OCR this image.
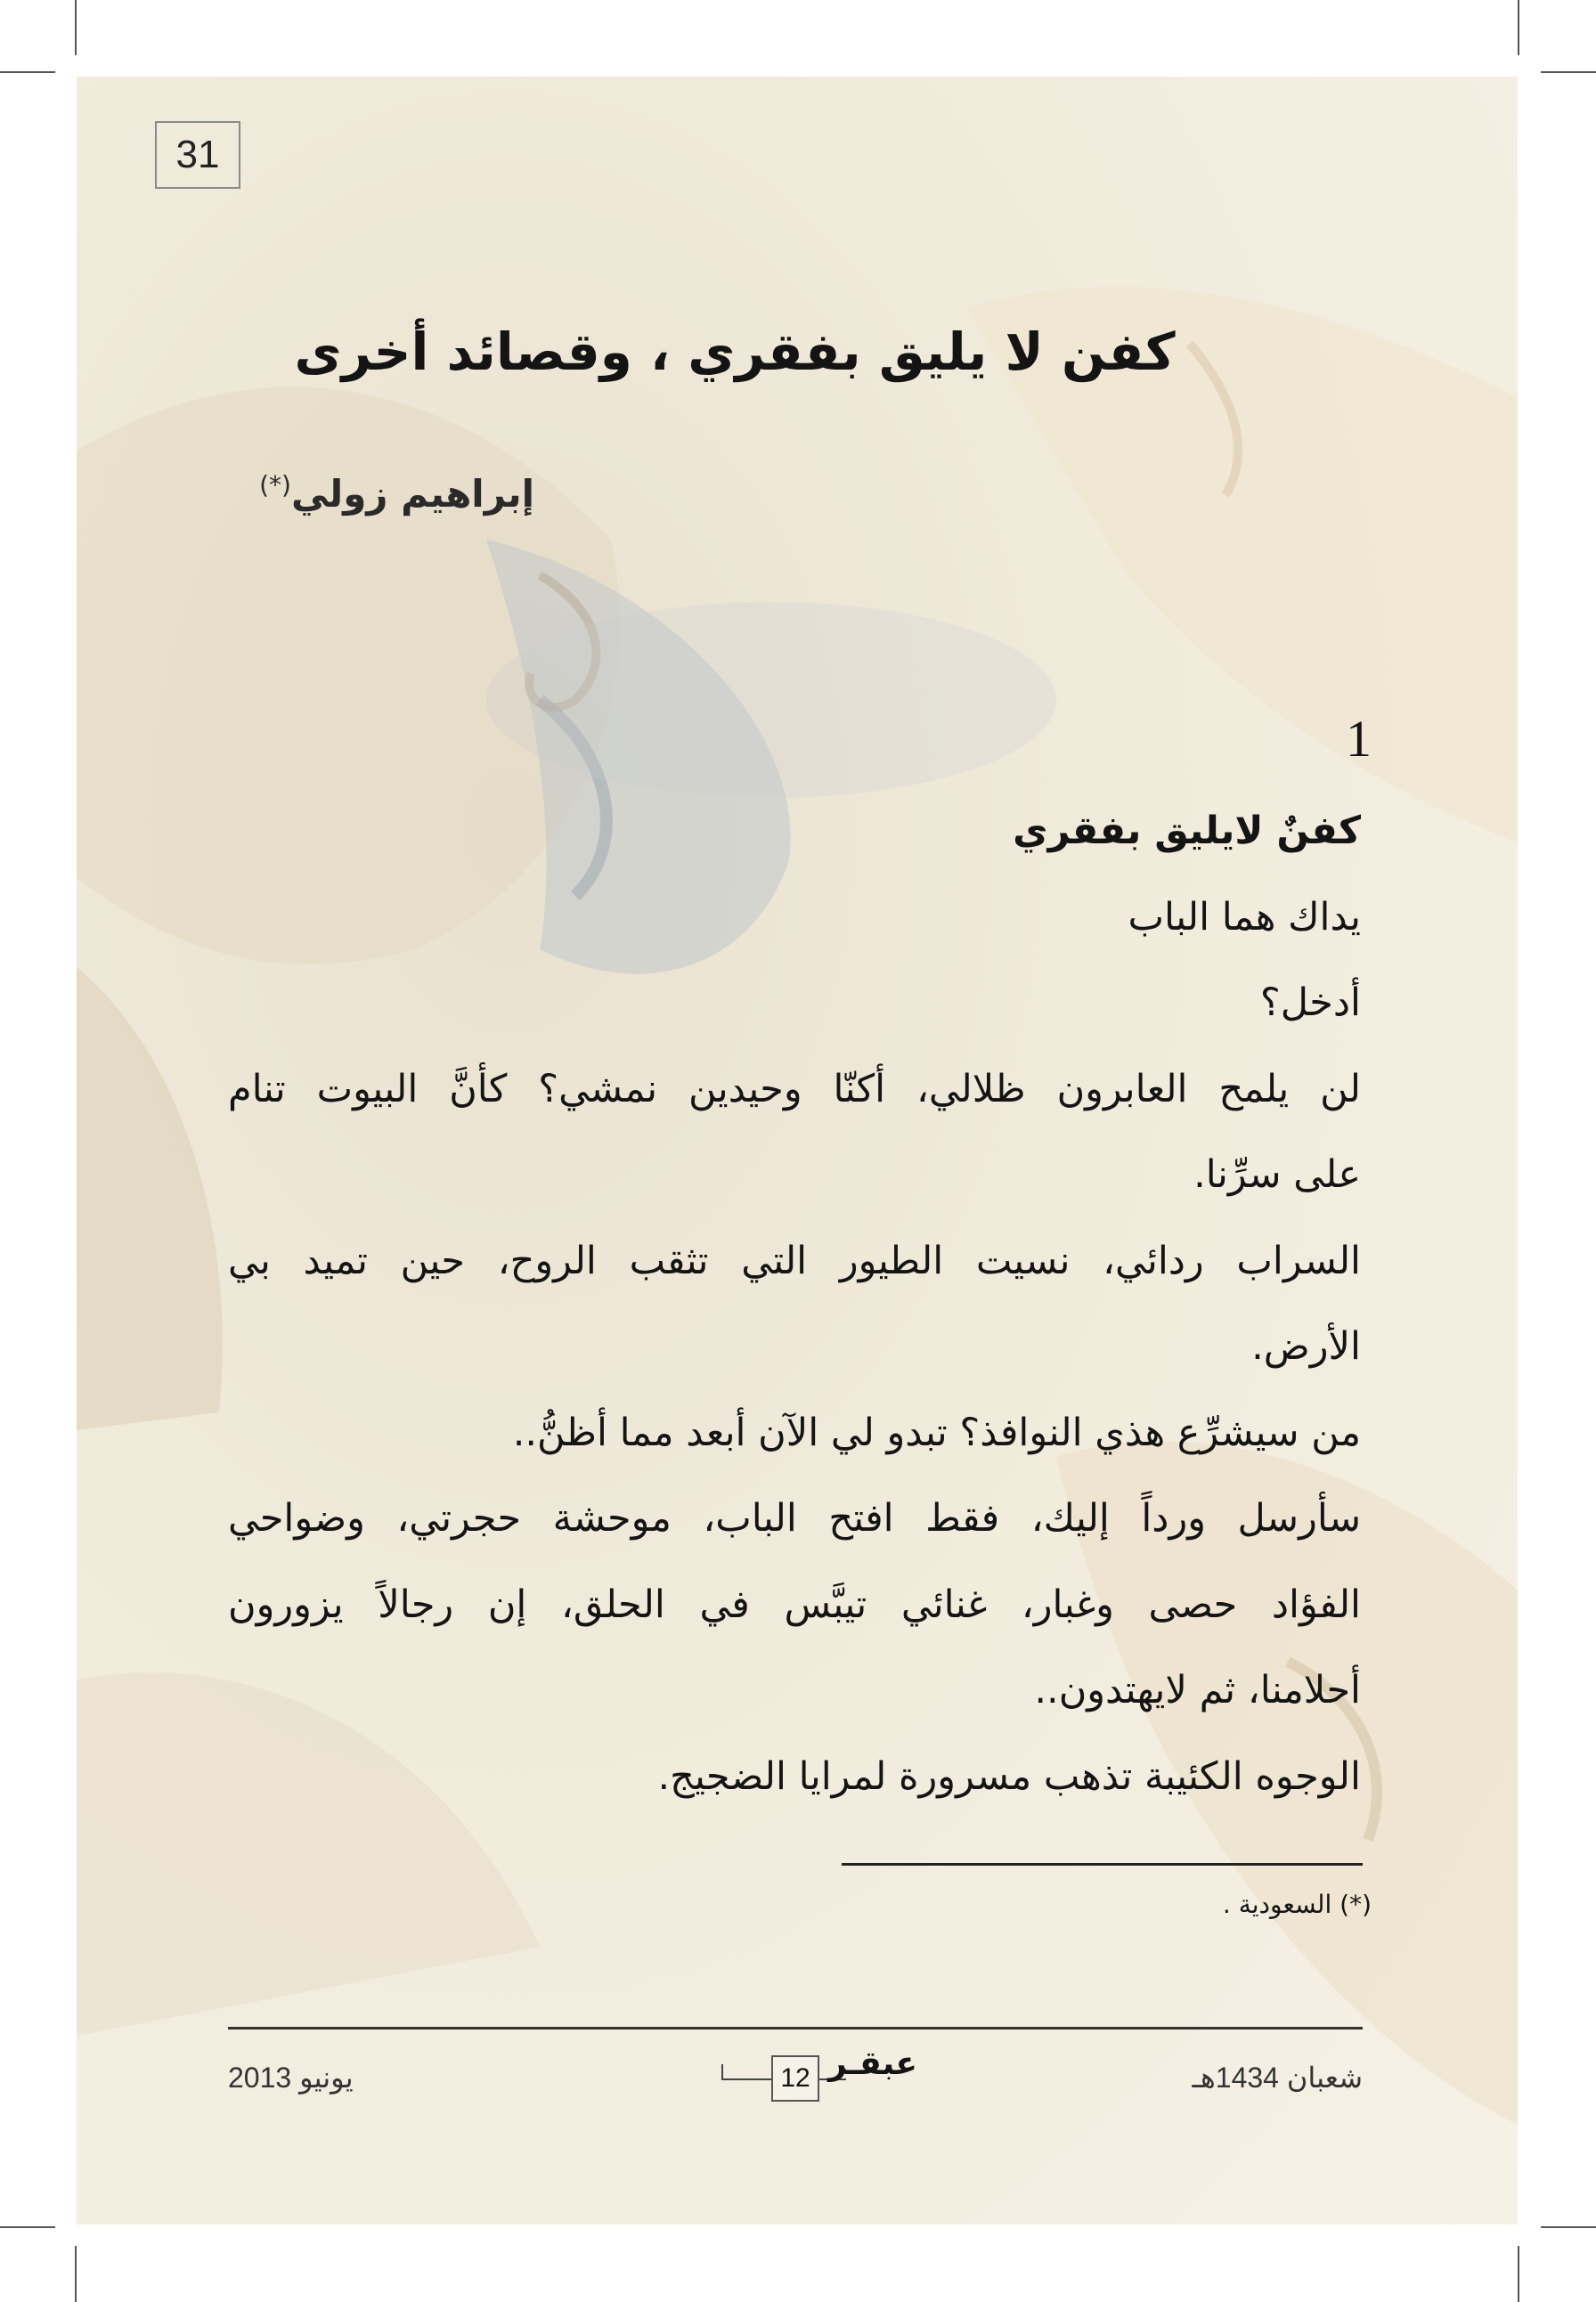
31
كفن لا يليق بفقري ، وقصائد أخرى
إبراهيم زولي(*)
1
كفنٌ لايليق بفقري
يداك هما الباب
أدخل؟
لن يلمح العابرون ظلالي، أكنّا وحيدين نمشي؟ كأنَّ البيوت تنام
على سرِّنا.
السراب ردائي، نسيت الطيور التي تثقب الروح، حين تميد بي
الأرض.
من سيشرِّع هذي النوافذ؟ تبدو لي الآن أبعد مما أظنُّ..
سأرسل ورداً إليك، فقط افتح الباب، موحشة حجرتي، وضواحي
الفؤاد حصى وغبار، غنائي تيبَّس في الحلق، إن رجالاً يزورون
أحلامنا، ثم لايهتدون..
الوجوه الكئيبة تذهب مسرورة لمرايا الضجيج.
(*) السعودية .
يونيو 2013	12 عبقـر	شعبان 1434هـ
